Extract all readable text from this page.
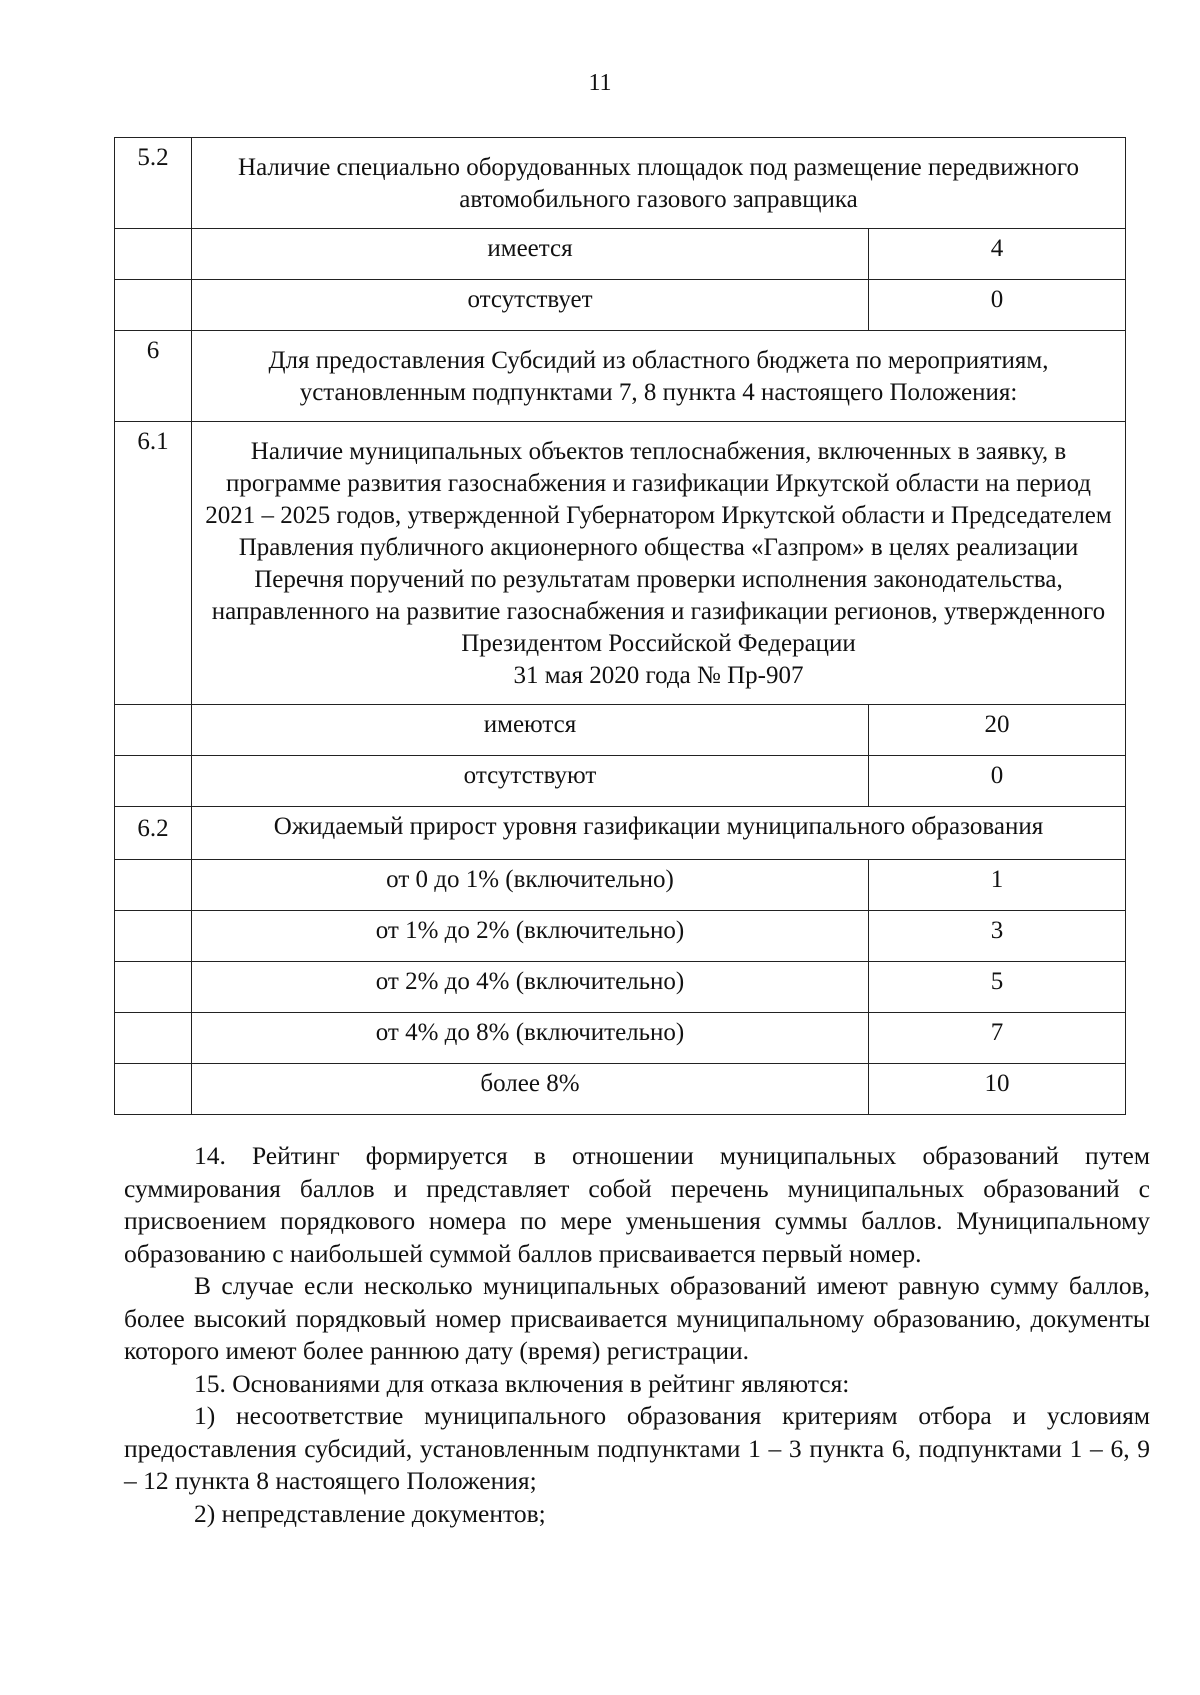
11
5.2	Наличие специально оборудованных площадок под размещение передвижного автомобильного газового заправщика	
	имеется	4
	отсутствует	0
6	Для предоставления Субсидий из областного бюджета по мероприятиям, установленным подпунктами 7, 8 пункта 4 настоящего Положения:	
6.1	Наличие муниципальных объектов теплоснабжения, включенных в заявку, в программе развития газоснабжения и газификации Иркутской области на период 2021 – 2025 годов, утвержденной Губернатором Иркутской области и Председателем Правления публичного акционерного общества «Газпром» в целях реализации Перечня поручений по результатам проверки исполнения законодательства, направленного на развитие газоснабжения и газификации регионов, утвержденного Президентом Российской Федерации
31 мая 2020 года № Пр-907	

	имеются	20
	отсутствуют	0
6.2	Ожидаемый прирост уровня газификации муниципального образования	
	от 0 до 1% (включительно)	1
	от 1% до 2% (включительно)	3
	от 2% до 4% (включительно)	5
	от 4% до 8% (включительно)	7
	более 8%	10

14. Рейтинг формируется в отношении муниципальных образований путем суммирования баллов и представляет собой перечень муниципальных образований с присвоением порядкового номера по мере уменьшения суммы баллов. Муниципальному образованию с наибольшей суммой баллов присваивается первый номер.

В случае если несколько муниципальных образований имеют равную сумму баллов, более высокий порядковый номер присваивается муниципальному образованию, документы которого имеют более раннюю дату (время) регистрации.

15. Основаниями для отказа включения в рейтинг являются:

1) несоответствие муниципального образования критериям отбора и условиям предоставления субсидий, установленным подпунктами 1 – 3 пункта 6, подпунктами 1 – 6, 9 – 12 пункта 8 настоящего Положения;

2) непредставление документов;
